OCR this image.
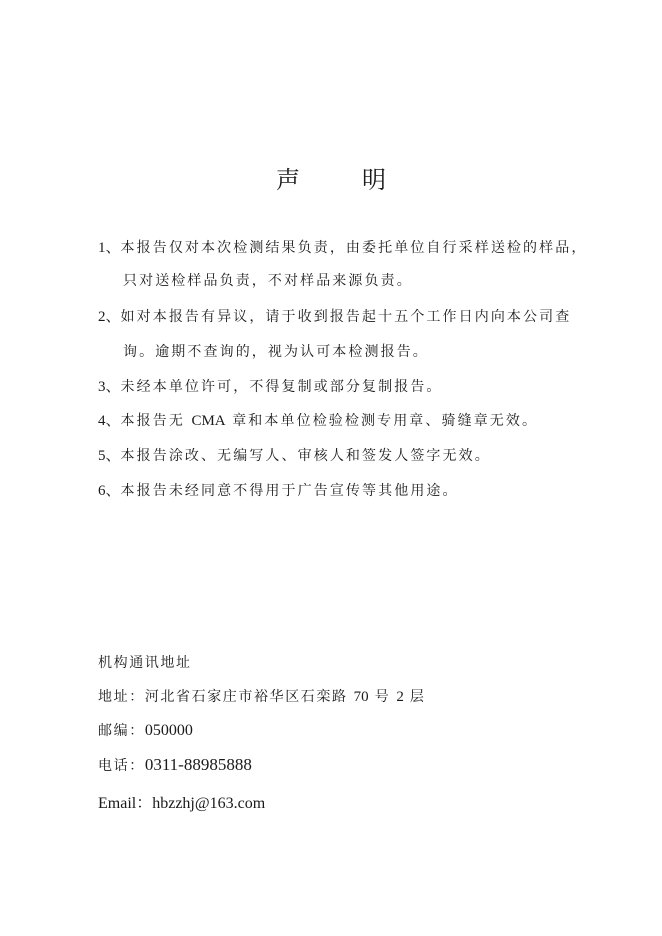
声	明
1、本报告仅对本次检测结果负责，由委托单位自行采样送检的样品，
只对送检样品负责，不对样品来源负责。
2、如对本报告有异议，请于收到报告起十五个工作日内向本公司查
询。逾期不查询的，视为认可本检测报告。
3、未经本单位许可，不得复制或部分复制报告。
4、本报告无 CMA 章和本单位检验检测专用章、骑缝章无效。
5、本报告涂改、无编写人、审核人和签发人签字无效。
6、本报告未经同意不得用于广告宣传等其他用途。
机构通讯地址
地址：河北省石家庄市裕华区石栾路 70 号 2 层
邮编：050000
电话：0311-88985888
Email：hbzzhj@163.com
